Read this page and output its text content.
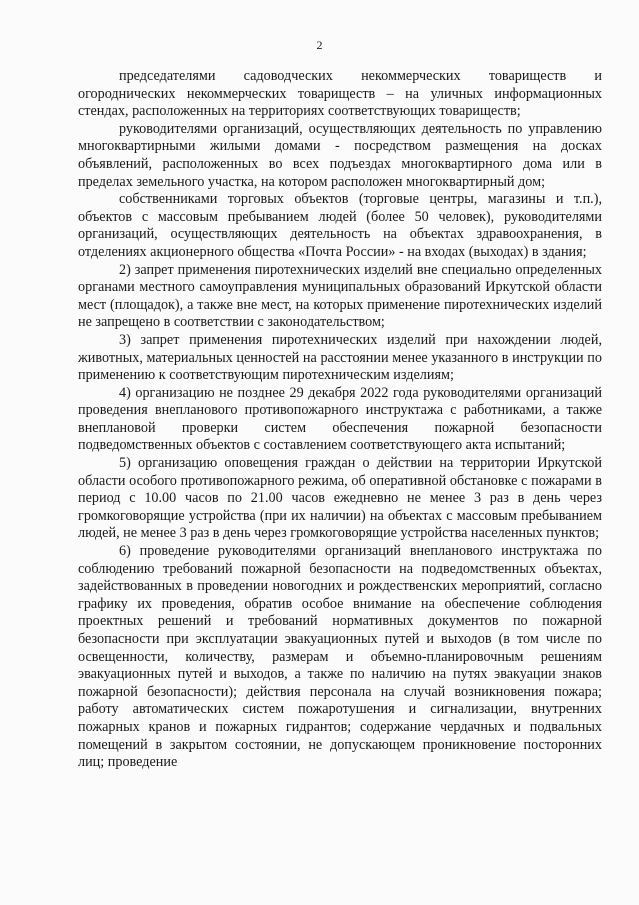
2

председателями садоводческих некоммерческих товариществ и огороднических некоммерческих товариществ – на уличных информационных стендах, расположенных на территориях соответствующих товариществ;

руководителями организаций, осуществляющих деятельность по управлению многоквартирными жилыми домами - посредством размещения на досках объявлений, расположенных во всех подъездах многоквартирного дома или в пределах земельного участка, на котором расположен многоквартирный дом;

собственниками торговых объектов (торговые центры, магазины и т.п.), объектов с массовым пребыванием людей (более 50 человек), руководителями организаций, осуществляющих деятельность на объектах здравоохранения, в отделениях акционерного общества «Почта России» - на входах (выходах) в здания;

2) запрет применения пиротехнических изделий вне специально определенных органами местного самоуправления муниципальных образований Иркутской области мест (площадок), а также вне мест, на которых применение пиротехнических изделий не запрещено в соответствии с законодательством;

3) запрет применения пиротехнических изделий при нахождении людей, животных, материальных ценностей на расстоянии менее указанного в инструкции по применению к соответствующим пиротехническим изделиям;

4) организацию не позднее 29 декабря 2022 года руководителями организаций проведения внепланового противопожарного инструктажа с работниками, а также внеплановой проверки систем обеспечения пожарной безопасности подведомственных объектов с составлением соответствующего акта испытаний;

5) организацию оповещения граждан о действии на территории Иркутской области особого противопожарного режима, об оперативной обстановке с пожарами в период с 10.00 часов по 21.00 часов ежедневно не менее 3 раз в день через громкоговорящие устройства (при их наличии) на объектах с массовым пребыванием людей, не менее 3 раз в день через громкоговорящие устройства населенных пунктов;

6) проведение руководителями организаций внепланового инструктажа по соблюдению требований пожарной безопасности на подведомственных объектах, задействованных в проведении новогодних и рождественских мероприятий, согласно графику их проведения, обратив особое внимание на обеспечение соблюдения проектных решений и требований нормативных документов по пожарной безопасности при эксплуатации эвакуационных путей и выходов (в том числе по освещенности, количеству, размерам и объемно-планировочным решениям эвакуационных путей и выходов, а также по наличию на путях эвакуации знаков пожарной безопасности); действия персонала на случай возникновения пожара; работу автоматических систем пожаротушения и сигнализации, внутренних пожарных кранов и пожарных гидрантов; содержание чердачных и подвальных помещений в закрытом состоянии, не допускающем проникновение посторонних лиц; проведение
